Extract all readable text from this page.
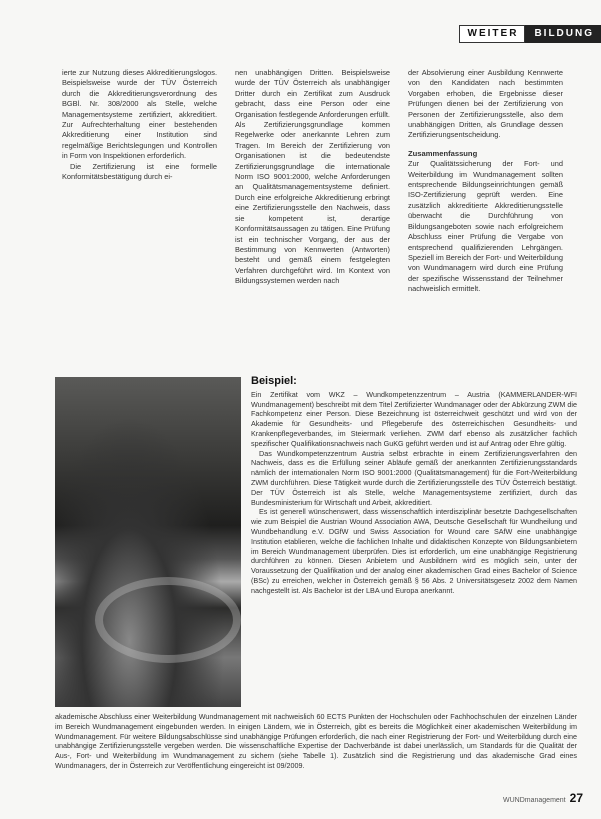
WEITER	BILDUNG

ierte zur Nutzung dieses Akkreditierungslogos. Beispielsweise wurde der TÜV Österreich durch die Akkreditierungsverordnung des BGBl. Nr. 308/2000 als Stelle, welche Managementsysteme zertifiziert, akkreditiert. Zur Aufrechterhaltung einer bestehenden Akkreditierung einer Institution sind regelmäßige Berichtslegungen und Kontrollen in Form von Inspektionen erforderlich.

Die Zertifizierung ist eine formelle Konformitätsbestätigung durch ei-

nen unabhängigen Dritten. Beispielsweise wurde der TÜV Österreich als unabhängiger Dritter durch ein Zertifikat zum Ausdruck gebracht, dass eine Person oder eine Organisation festlegende Anforderungen erfüllt. Als Zertifizierungsgrundlage kommen Regelwerke oder anerkannte Lehren zum Tragen. Im Bereich der Zertifizierung von Organisationen ist die bedeutendste Zertifizierungsgrundlage die internationale Norm ISO 9001:2000, welche Anforderungen an Qualitätsmanagementsysteme definiert. Durch eine erfolgreiche Akkreditierung erbringt eine Zertifizierungsstelle den Nachweis, dass sie kompetent ist, derartige Konformitätsaussagen zu tätigen. Eine Prüfung ist ein technischer Vorgang, der aus der Bestimmung von Kennwerten (Antworten) besteht und gemäß einem festgelegten Verfahren durchgeführt wird. Im Kontext von Bildungssystemen werden nach

der Absolvierung einer Ausbildung Kennwerte von den Kandidaten nach bestimmten Vorgaben erhoben, die Ergebnisse dieser Prüfungen dienen bei der Zertifizierung von Personen der Zertifizierungsstelle, also dem unabhängigen Dritten, als Grundlage dessen Zertifizierungsentscheidung.

Zusammenfassung

Zur Qualitätssicherung der Fort- und Weiterbildung im Wundmanagement sollten entsprechende Bildungseinrichtungen gemäß ISO-Zertifizierung geprüft werden. Eine zusätzlich akkreditierte Akkreditierungsstelle überwacht die Durchführung von Bildungsangeboten sowie nach erfolgreichem Abschluss einer Prüfung die Vergabe von entsprechend qualifizierenden Lehrgängen. Speziell im Bereich der Fort- und Weiterbildung von Wundmanagern wird durch eine Prüfung der spezifische Wissensstand der Teilnehmer nachweislich ermittelt.

Beispiel:

Ein Zertifikat vom WKZ – Wundkompetenzzentrum – Austria (KAMMERLANDER-WFI Wundmanagement) beschreibt mit dem Titel Zertifizierter Wundmanager oder der Abkürzung ZWM die Fachkompetenz einer Person. Diese Bezeichnung ist österreichweit geschützt und wird von der Akademie für Gesundheits- und Pflegeberufe des österreichischen Gesundheits- und Krankenpflegeverbandes, im Steiermark verliehen. ZWM darf ebenso als zusätzlicher fachlich spezifischer Qualifikationsnachweis nach GuKG geführt werden und ist auf Antrag oder Ehre gültig.

Das Wundkompetenzzentrum Austria selbst erbrachte in einem Zertifizierungsverfahren den Nachweis, dass es die Erfüllung seiner Abläufe gemäß der anerkannten Zertifizierungsstandards nämlich der internationalen Norm ISO 9001:2000 (Qualitätsmanagement) für die Fort-/Weiterbildung ZWM durchführen. Diese Tätigkeit wurde durch die Zertifizierungsstelle des TÜV Österreich bestätigt. Der TÜV Österreich ist als Stelle, welche Managementsysteme zertifiziert, durch das Bundesministerium für Wirtschaft und Arbeit, akkreditiert.

Es ist generell wünschenswert, dass wissenschaftlich interdisziplinär besetzte Dachgesellschaften wie zum Beispiel die Austrian Wound Association AWA, Deutsche Gesellschaft für Wundheilung und Wundbehandlung e.V. DGfW und Swiss Association for Wound care SAfW eine unabhängige Institution etablieren, welche die fachlichen Inhalte und didaktischen Konzepte von Bildungsanbietern im Bereich Wundmanagement überprüfen. Dies ist erforderlich, um eine unabhängige Registrierung durchführen zu können. Diesen Anbietern und Ausbildnern wird es möglich sein, unter der Voraussetzung der Qualifikation und der analog einer akademischen Grad eines Bachelor of Science (BSc) zu erreichen, welcher in Österreich gemäß § 56 Abs. 2 Universitätsgesetz 2002 dem Namen nachgestellt ist. Als Bachelor ist der LBA und Europa anerkannt.

akademische Abschluss einer Weiterbildung Wundmanagement mit nachweislich 60 ECTS Punkten der Hochschulen oder Fachhochschulen der einzelnen Länder im Bereich Wundmanagement eingebunden werden. In einigen Ländern, wie in Österreich, gibt es bereits die Möglichkeit einer akademischen Weiterbildung im Wundmanagement. Für weitere Bildungsabschlüsse sind unabhängige Prüfungen erforderlich, die nach einer Registrierung der Fort- und Weiterbildung durch eine unabhängige Zertifizierungsstelle vergeben werden. Die wissenschaftliche Expertise der Dachverbände ist dabei unerlässlich, um Standards für die Qualität der Aus-, Fort- und Weiterbildung im Wundmanagement zu sichern (siehe Tabelle 1). Zusätzlich sind die Registrierung und das akademische Grad eines Wundmanagers, der in Österreich zur Veröffentlichung eingereicht ist 09/2009.
WUNDmanagement 27
